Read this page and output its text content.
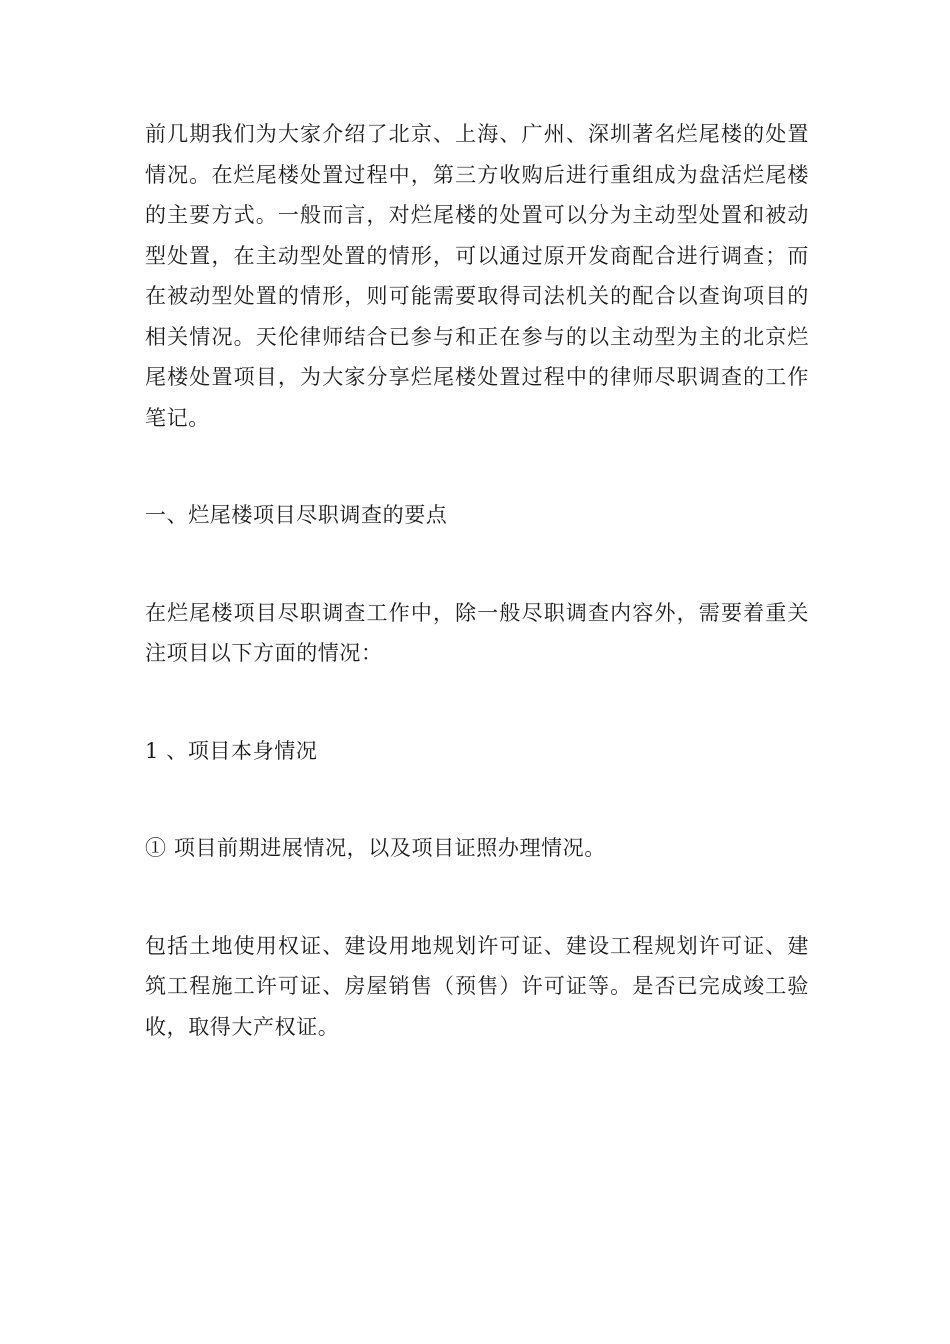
前几期我们为大家介绍了北京、上海、广州、深圳著名烂尾楼的处置情况。在烂尾楼处置过程中，第三方收购后进行重组成为盘活烂尾楼的主要方式。一般而言，对烂尾楼的处置可以分为主动型处置和被动型处置，在主动型处置的情形，可以通过原开发商配合进行调查；而在被动型处置的情形，则可能需要取得司法机关的配合以查询项目的相关情况。天伦律师结合已参与和正在参与的以主动型为主的北京烂尾楼处置项目，为大家分享烂尾楼处置过程中的律师尽职调查的工作笔记。

一、烂尾楼项目尽职调查的要点

在烂尾楼项目尽职调查工作中，除一般尽职调查内容外，需要着重关注项目以下方面的情况：

1 、项目本身情况

① 项目前期进展情况，以及项目证照办理情况。

包括土地使用权证、建设用地规划许可证、建设工程规划许可证、建筑工程施工许可证、房屋销售（预售）许可证等。是否已完成竣工验收，取得大产权证。
